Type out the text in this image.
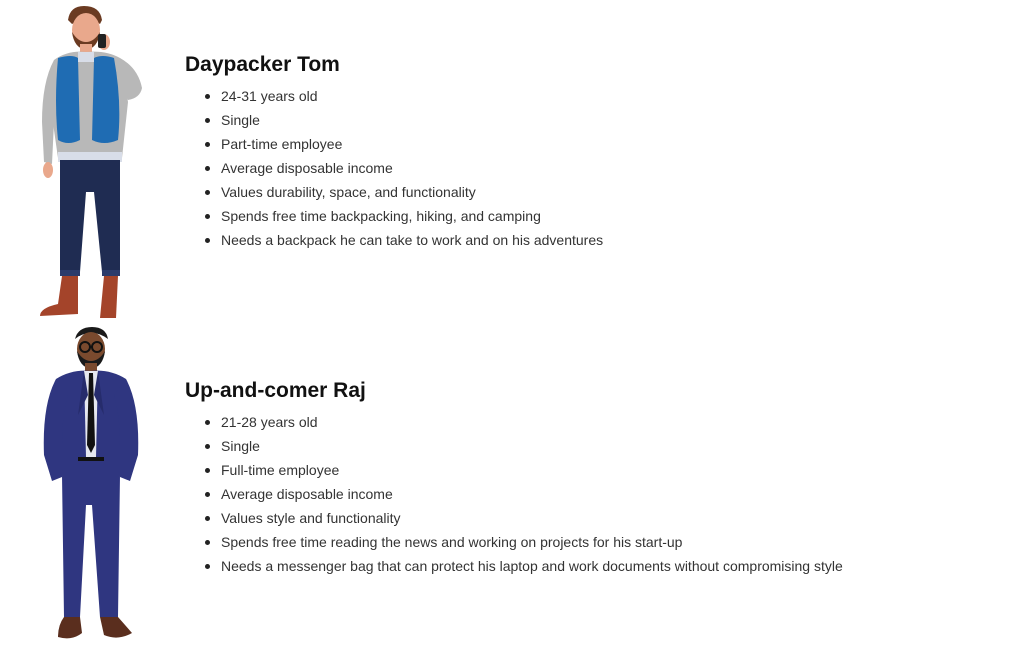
Daypacker Tom
24-31 years old
Single
Part-time employee
Average disposable income
Values durability, space, and functionality
Spends free time backpacking, hiking, and camping
Needs a backpack he can take to work and on his adventures
Up-and-comer Raj
21-28 years old
Single
Full-time employee
Average disposable income
Values style and functionality
Spends free time reading the news and working on projects for his start-up
Needs a messenger bag that can protect his laptop and work documents without compromising style
